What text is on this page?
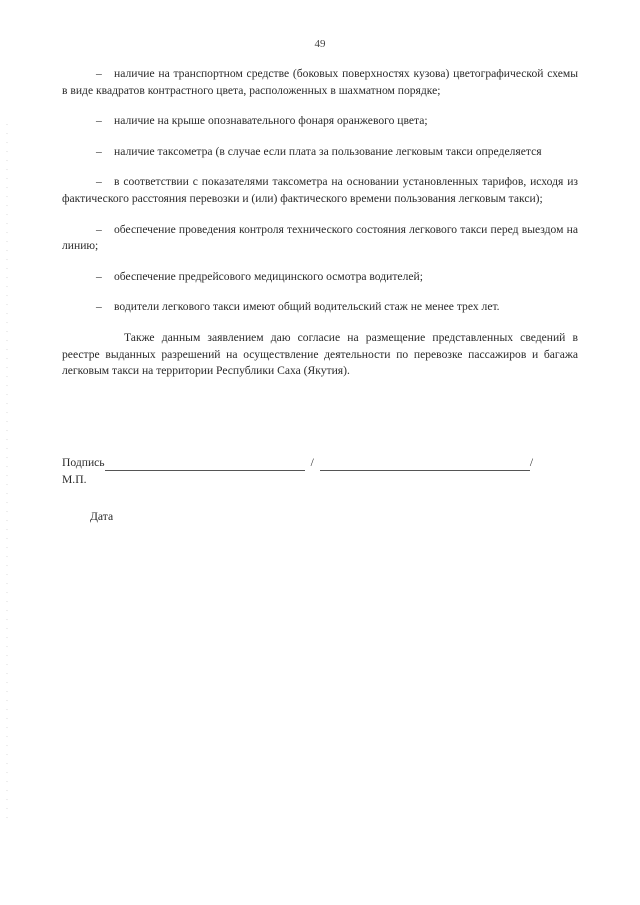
49

– наличие на транспортном средстве (боковых поверхностях кузова) цветографической схемы в виде квадратов контрастного цвета, расположенных в шахматном порядке;

– наличие на крыше опознавательного фонаря оранжевого цвета;

– наличие таксометра (в случае если плата за пользование легковым такси определяется

– в соответствии с показателями таксометра на основании установленных тарифов, исходя из фактического расстояния перевозки и (или) фактического времени пользования легковым такси);

– обеспечение проведения контроля технического состояния легкового такси перед выездом на линию;

– обеспечение предрейсового медицинского осмотра водителей;

– водители легкового такси имеют общий водительский стаж не менее трех лет.

Также данным заявлением даю согласие на размещение представленных сведений в реестре выданных разрешений на осуществление деятельности по перевозке пассажиров и багажа легковым такси на территории Республики Саха (Якутия).

Подпись	/	/
М.П.
Дата
